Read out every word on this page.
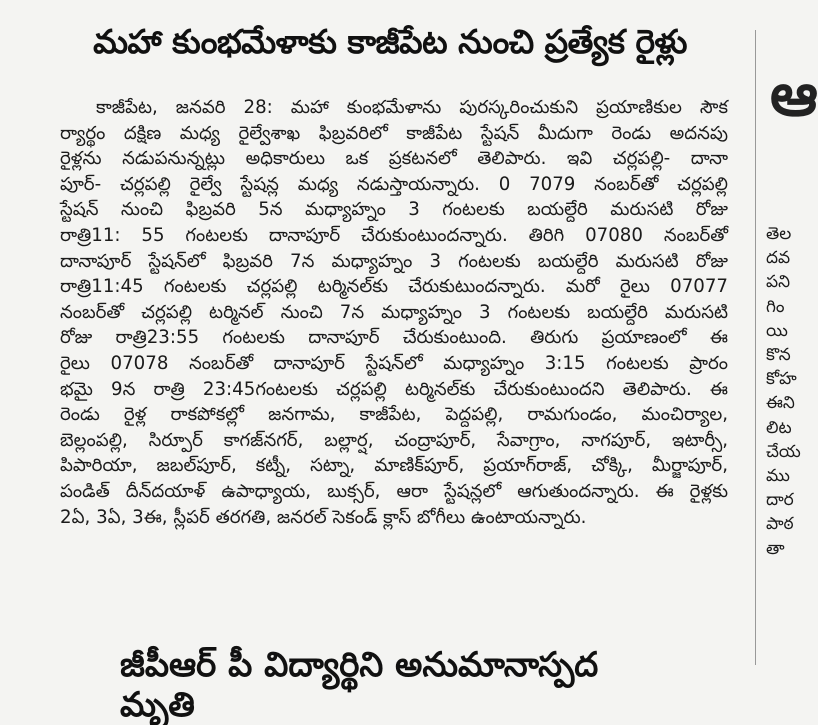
మహా కుంభమేళాకు కాజీపేట నుంచి ప్రత్యేక రైళ్లు
కాజీపేట, జనవరి 28: మహా కుంభమేళాను పురస్కరించుకుని ప్రయాణికుల సౌక
ర్యార్థం దక్షిణ మధ్య రైల్వేశాఖ ఫిబ్రవరిలో కాజీపేట స్టేషన్ మీదుగా రెండు అదనపు
రైళ్లను నడుపనున్నట్లు అధికారులు ఒక ప్రకటనలో తెలిపారు. ఇవి చర్లపల్లి- దానా
పూర్- చర్లపల్లి రైల్వే స్టేషన్ల మధ్య నడుస్తాయన్నారు. 0 7079 నంబర్‌తో చర్లపల్లి
స్టేషన్ నుంచి ఫిబ్రవరి 5న మధ్యాహ్నం 3 గంటలకు బయల్దేరి మరుసటి రోజు
రాత్రి11: 55 గంటలకు దానాపూర్ చేరుకుంటుందన్నారు. తిరిగి 07080 నంబర్‌తో
దానాపూర్ స్టేషన్‌లో ఫిబ్రవరి 7న మధ్యాహ్నం 3 గంటలకు బయల్దేరి మరుసటి రోజు
రాత్రి11:45 గంటలకు చర్లపల్లి టర్మినల్‌కు చేరుకుటుందన్నారు. మరో రైలు 07077
నంబర్‌తో చర్లపల్లి టర్మినల్ నుంచి 7న మధ్యాహ్నం 3 గంటలకు బయల్దేరి మరుసటి
రోజు రాత్రి23:55 గంటలకు దానాపూర్ చేరుకుంటుంది. తిరుగు ప్రయాణంలో ఈ
రైలు 07078 నంబర్‌తో దానాపూర్ స్టేషన్‌లో మధ్యాహ్నం 3:15 గంటలకు ప్రారం
భమై 9న రాత్రి 23:45గంటలకు చర్లపల్లి టర్మినల్‌కు చేరుకుంటుందని తెలిపారు. ఈ
రెండు రైళ్ల రాకపోకల్లో జనగామ, కాజీపేట, పెద్దపల్లి, రామగుండం, మంచిర్యాల,
బెల్లంపల్లి, సిర్పూర్ కాగజ్‌నగర్, బల్లార్ష, చంద్రాపూర్, సేవాగ్రాం, నాగపూర్, ఇటార్సీ,
పిపారియా, జబల్‌పూర్, కట్నీ, సట్నా, మాణిక్‌పూర్, ప్రయాగ్‌రాజ్, చోక్కి, మీర్జాపూర్,
పండిత్ దీన్‌దయాళ్ ఉపాధ్యాయ, బుక్సర్, ఆరా స్టేషన్లలో ఆగుతుందన్నారు. ఈ రైళ్లకు
2ఏ, 3ఏ, 3ఈ, స్లీపర్ తరగతి, జనరల్ సెకండ్ క్లాస్ బోగీలు ఉంటాయన్నారు.
జీపీఆర్ పీ విద్యార్థిని అనుమానాస్పద మృతి
ఆ
తెల
దవ
పని
గిం
యి
కొన
కోహ
ఈని
లిట
చేయ
ము
దార
పాఠ
తా
